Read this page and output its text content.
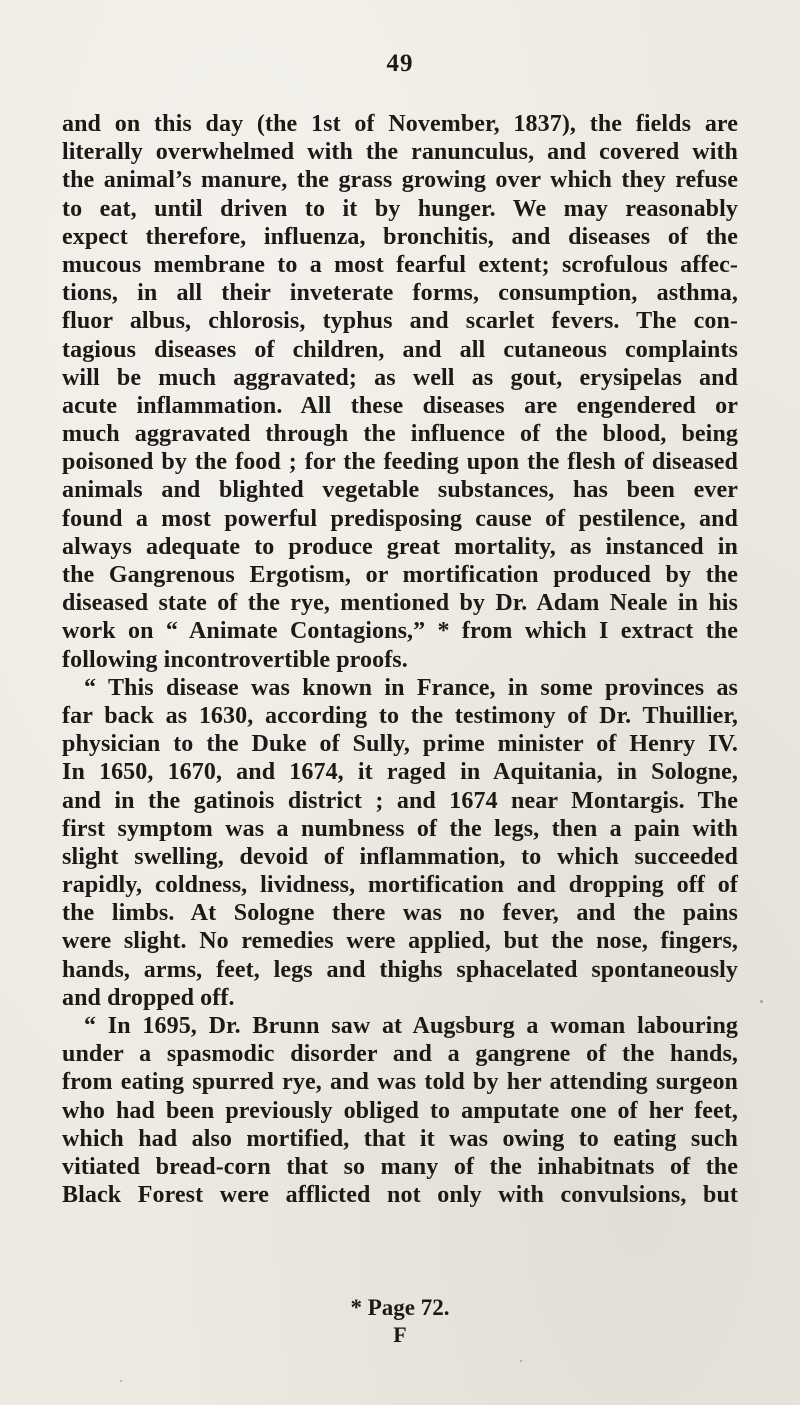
49
and on this day (the 1st of November, 1837), the fields are
literally overwhelmed with the ranunculus, and covered with
the animal’s manure, the grass growing over which they refuse
to eat, until driven to it by hunger. We may reasonably
expect therefore, influenza, bronchitis, and diseases of the
mucous membrane to a most fearful extent; scrofulous affec-
tions, in all their inveterate forms, consumption, asthma,
fluor albus, chlorosis, typhus and scarlet fevers. The con-
tagious diseases of children, and all cutaneous complaints
will be much aggravated; as well as gout, erysipelas and
acute inflammation. All these diseases are engendered or
much aggravated through the influence of the blood, being
poisoned by the food ; for the feeding upon the flesh of diseased
animals and blighted vegetable substances, has been ever
found a most powerful predisposing cause of pestilence, and
always adequate to produce great mortality, as instanced in
the Gangrenous Ergotism, or mortification produced by the
diseased state of the rye, mentioned by Dr. Adam Neale in his
work on “ Animate Contagions,” * from which I extract the
following incontrovertible proofs.
“ This disease was known in France, in some provinces as
far back as 1630, according to the testimony of Dr. Thuillier,
physician to the Duke of Sully, prime minister of Henry IV.
In 1650, 1670, and 1674, it raged in Aquitania, in Sologne,
and in the gatinois district ; and 1674 near Montargis. The
first symptom was a numbness of the legs, then a pain with
slight swelling, devoid of inflammation, to which succeeded
rapidly, coldness, lividness, mortification and dropping off of
the limbs. At Sologne there was no fever, and the pains
were slight. No remedies were applied, but the nose, fingers,
hands, arms, feet, legs and thighs sphacelated spontaneously
and dropped off.
“ In 1695, Dr. Brunn saw at Augsburg a woman labouring
under a spasmodic disorder and a gangrene of the hands,
from eating spurred rye, and was told by her attending surgeon
who had been previously obliged to amputate one of her feet,
which had also mortified, that it was owing to eating such
vitiated bread-corn that so many of the inhabitnats of the
Black Forest were afflicted not only with convulsions, but
* Page 72.
F
